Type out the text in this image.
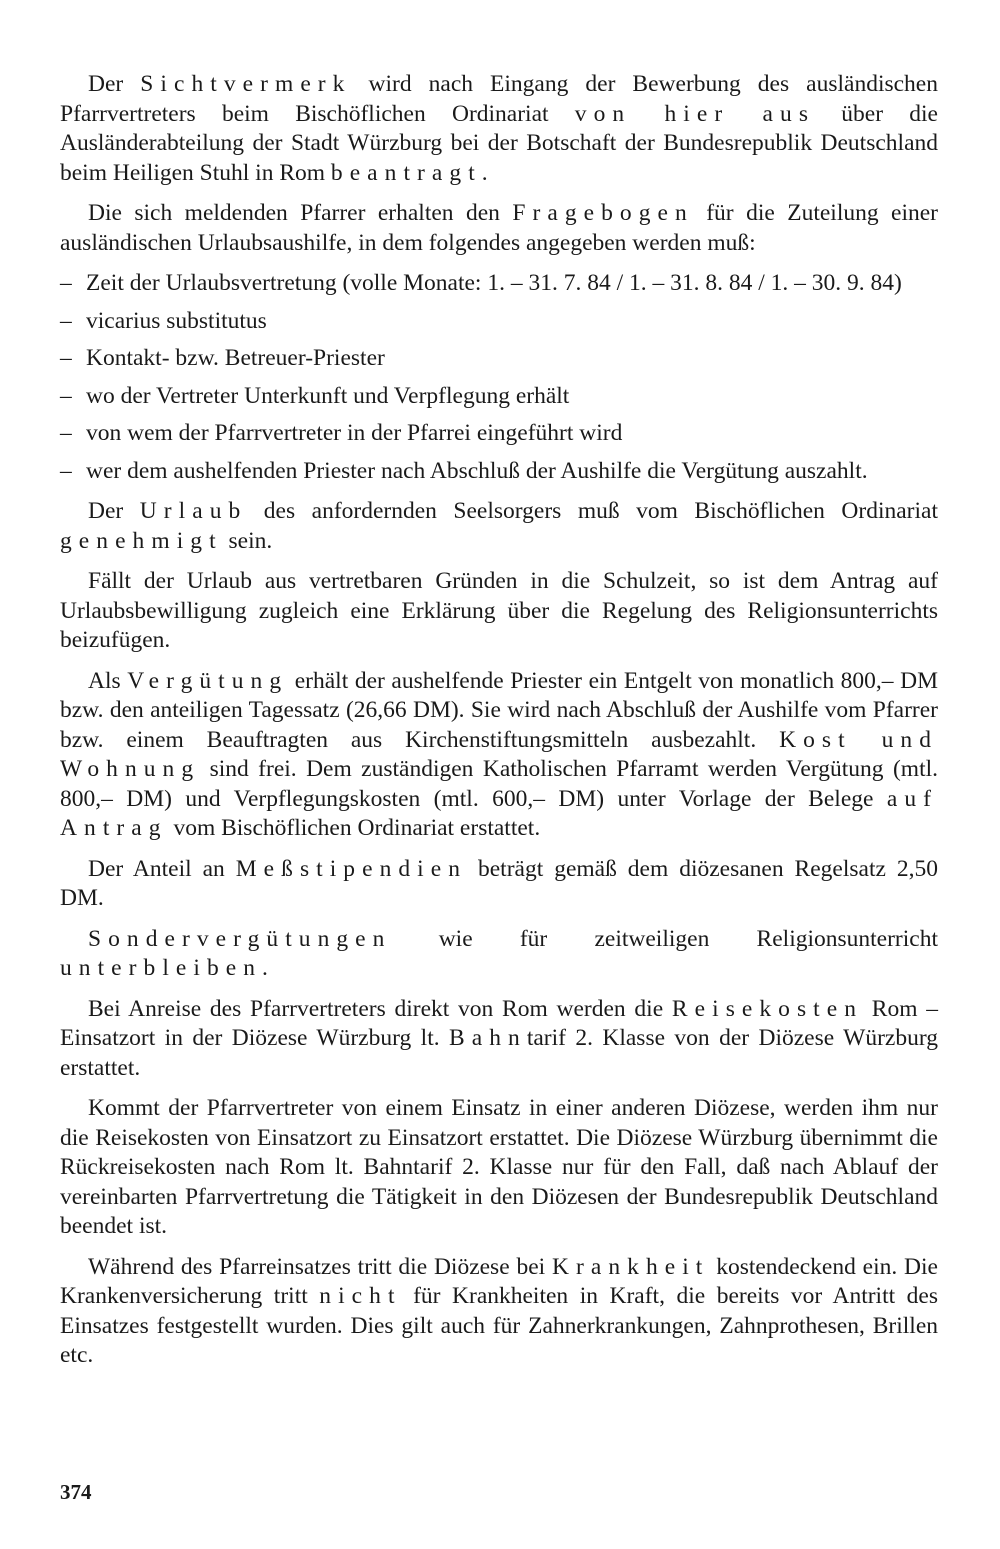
Der Sichtvermerk wird nach Eingang der Bewerbung des ausländischen Pfarrvertreters beim Bischöflichen Ordinariat von hier aus über die Ausländerabteilung der Stadt Würzburg bei der Botschaft der Bundesrepublik Deutschland beim Heiligen Stuhl in Rom beantragt.

Die sich meldenden Pfarrer erhalten den Fragebogen für die Zuteilung einer ausländischen Urlaubsaushilfe, in dem folgendes angegeben werden muß:

– Zeit der Urlaubsvertretung (volle Monate: 1. – 31. 7. 84 / 1. – 31. 8. 84 / 1. – 30. 9. 84)
– vicarius substitutus
– Kontakt- bzw. Betreuer-Priester
– wo der Vertreter Unterkunft und Verpflegung erhält
– von wem der Pfarrvertreter in der Pfarrei eingeführt wird
– wer dem aushelfenden Priester nach Abschluß der Aushilfe die Vergütung auszahlt.

Der Urlaub des anfordernden Seelsorgers muß vom Bischöflichen Ordinariat genehmigt sein.

Fällt der Urlaub aus vertretbaren Gründen in die Schulzeit, so ist dem Antrag auf Urlaubsbewilligung zugleich eine Erklärung über die Regelung des Religionsunterrichts beizufügen.

Als Vergütung erhält der aushelfende Priester ein Entgelt von monatlich 800,– DM bzw. den anteiligen Tagessatz (26,66 DM). Sie wird nach Abschluß der Aushilfe vom Pfarrer bzw. einem Beauftragten aus Kirchenstiftungsmitteln ausbezahlt. Kost und Wohnung sind frei. Dem zuständigen Katholischen Pfarramt werden Vergütung (mtl. 800,– DM) und Verpflegungskosten (mtl. 600,– DM) unter Vorlage der Belege auf Antrag vom Bischöflichen Ordinariat erstattet.

Der Anteil an Meßstipendien beträgt gemäß dem diözesanen Regelsatz 2,50 DM.

Sondervergütungen wie für zeitweiligen Religionsunterricht unterbleiben.

Bei Anreise des Pfarrvertreters direkt von Rom werden die Reisekosten Rom – Einsatzort in der Diözese Würzburg lt. Bahntarif 2. Klasse von der Diözese Würzburg erstattet.

Kommt der Pfarrvertreter von einem Einsatz in einer anderen Diözese, werden ihm nur die Reisekosten von Einsatzort zu Einsatzort erstattet. Die Diözese Würzburg übernimmt die Rückreisekosten nach Rom lt. Bahntarif 2. Klasse nur für den Fall, daß nach Ablauf der vereinbarten Pfarrvertretung die Tätigkeit in den Diözesen der Bundesrepublik Deutschland beendet ist.

Während des Pfarreinsatzes tritt die Diözese bei Krankheit kostendeckend ein. Die Krankenversicherung tritt nicht für Krankheiten in Kraft, die bereits vor Antritt des Einsatzes festgestellt wurden. Dies gilt auch für Zahnerkrankungen, Zahnprothesen, Brillen etc.

374
